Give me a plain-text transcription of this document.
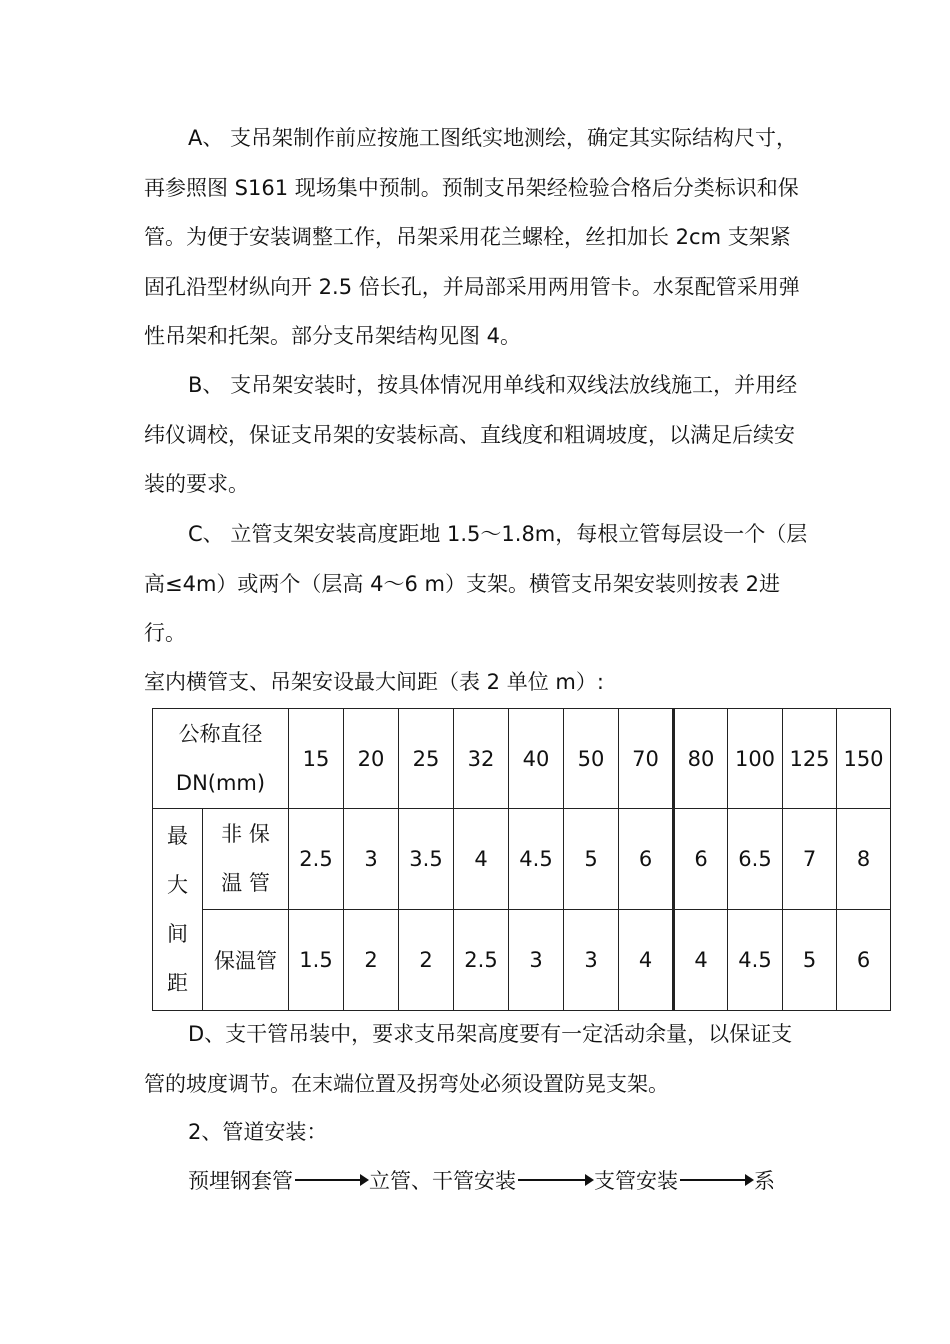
A、 支吊架制作前应按施工图纸实地测绘，确定其实际结构尺寸，再参照图 S161 现场集中预制。预制支吊架经检验合格后分类标识和保管。为便于安装调整工作，吊架采用花兰螺栓，丝扣加长 2cm 支架紧固孔沿型材纵向开 2.5 倍长孔，并局部采用两用管卡。水泵配管采用弹性吊架和托架。部分支吊架结构见图 4。

B、 支吊架安装时，按具体情况用单线和双线法放线施工，并用经纬仪调校，保证支吊架的安装标高、直线度和粗调坡度，以满足后续安装的要求。

C、 立管支架安装高度距地 1.5～1.8m，每根立管每层设一个（层高≤4m）或两个（层高 4～6 m）支架。横管支吊架安装则按表 2进行。

室内横管支、吊架安设最大间距（表 2 单位 m）:

公称直径
DN(mm)		15	20	25	32	40	50	70	80	100	125	150

最
大
间
距	非 保
温 管	2.5	3	3.5	4	4.5	5	6	6	6.5	7	8
	保温管	1.5	2	2	2.5	3	3	4	4	4.5	5	6

D、支干管吊装中，要求支吊架高度要有一定活动余量，以保证支管的坡度调节。在末端位置及拐弯处必须设置防晃支架。

2、管道安装：

预埋钢套管	立管、干管安装	支管安装	系
